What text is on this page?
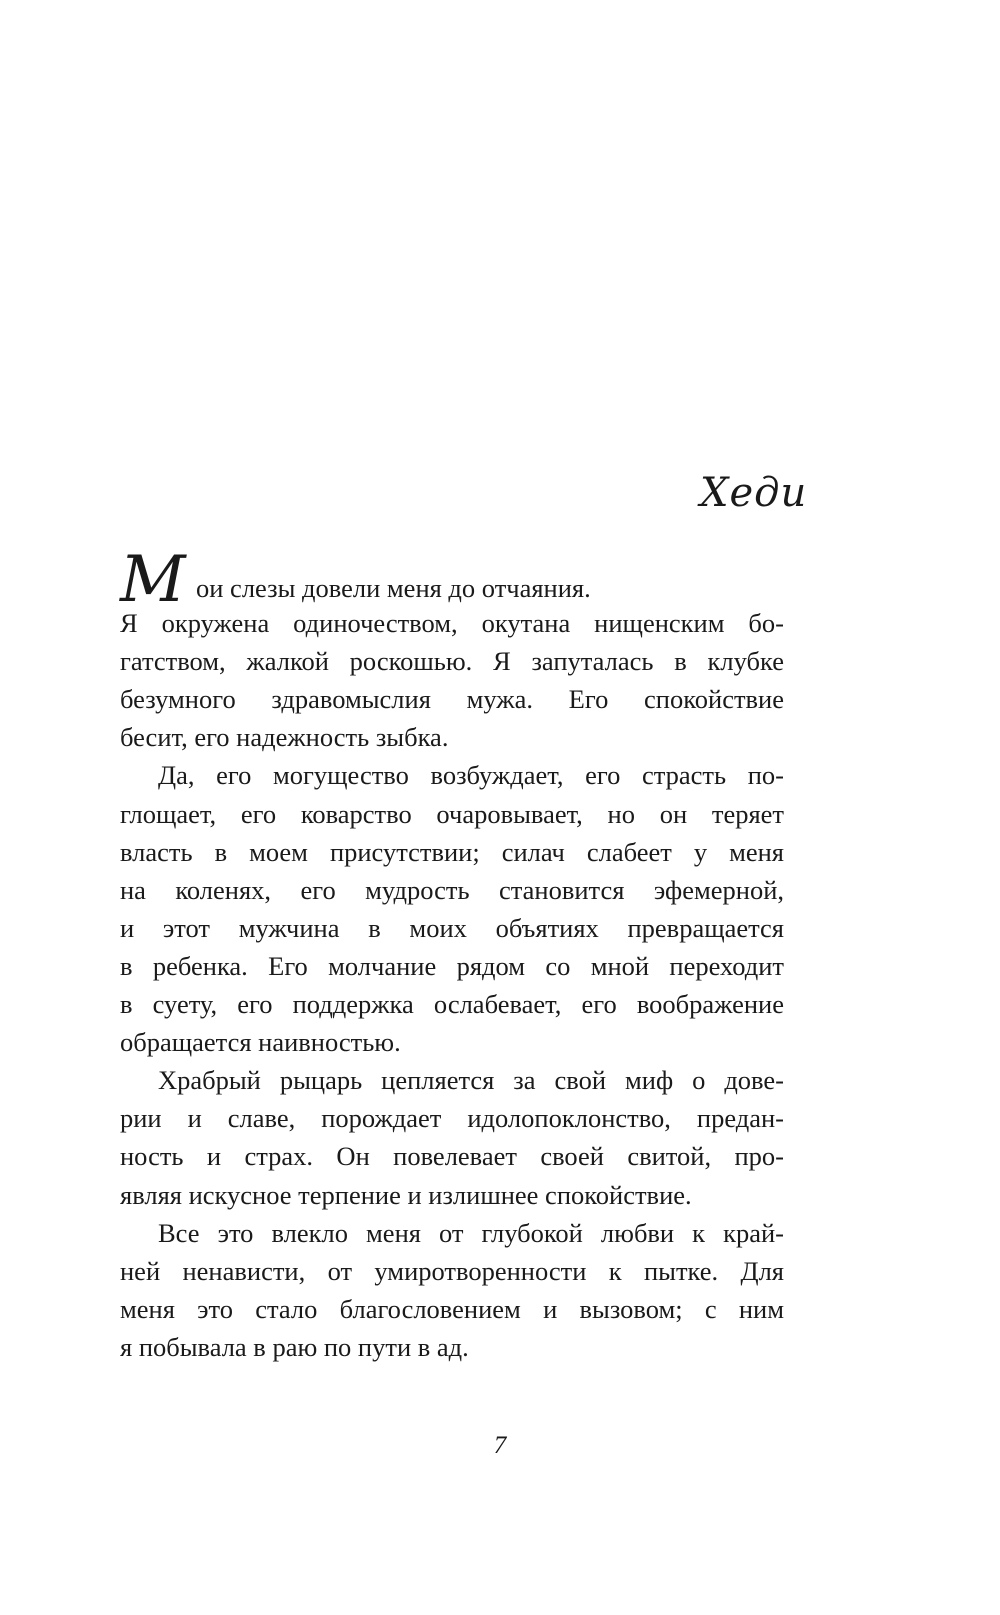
Хеди
Мои слезы довели меня до отчаяния.
Я окружена одиночеством, окутана нищенским бо-
гатством, жалкой роскошью. Я запуталась в клубке
безумного здравомыслия мужа. Его спокойствие
бесит, его надежность зыбка.
Да, его могущество возбуждает, его страсть по-
глощает, его коварство очаровывает, но он теряет
власть в моем присутствии; силач слабеет у меня
на коленях, его мудрость становится эфемерной,
и этот мужчина в моих объятиях превращается
в ребенка. Его молчание рядом со мной переходит
в суету, его поддержка ослабевает, его воображение
обращается наивностью.
Храбрый рыцарь цепляется за свой миф о дове-
рии и славе, порождает идолопоклонство, предан-
ность и страх. Он повелевает своей свитой, про-
являя искусное терпение и излишнее спокойствие.
Все это влекло меня от глубокой любви к край-
ней ненависти, от умиротворенности к пытке. Для
меня это стало благословением и вызовом; с ним
я побывала в раю по пути в ад.
7
